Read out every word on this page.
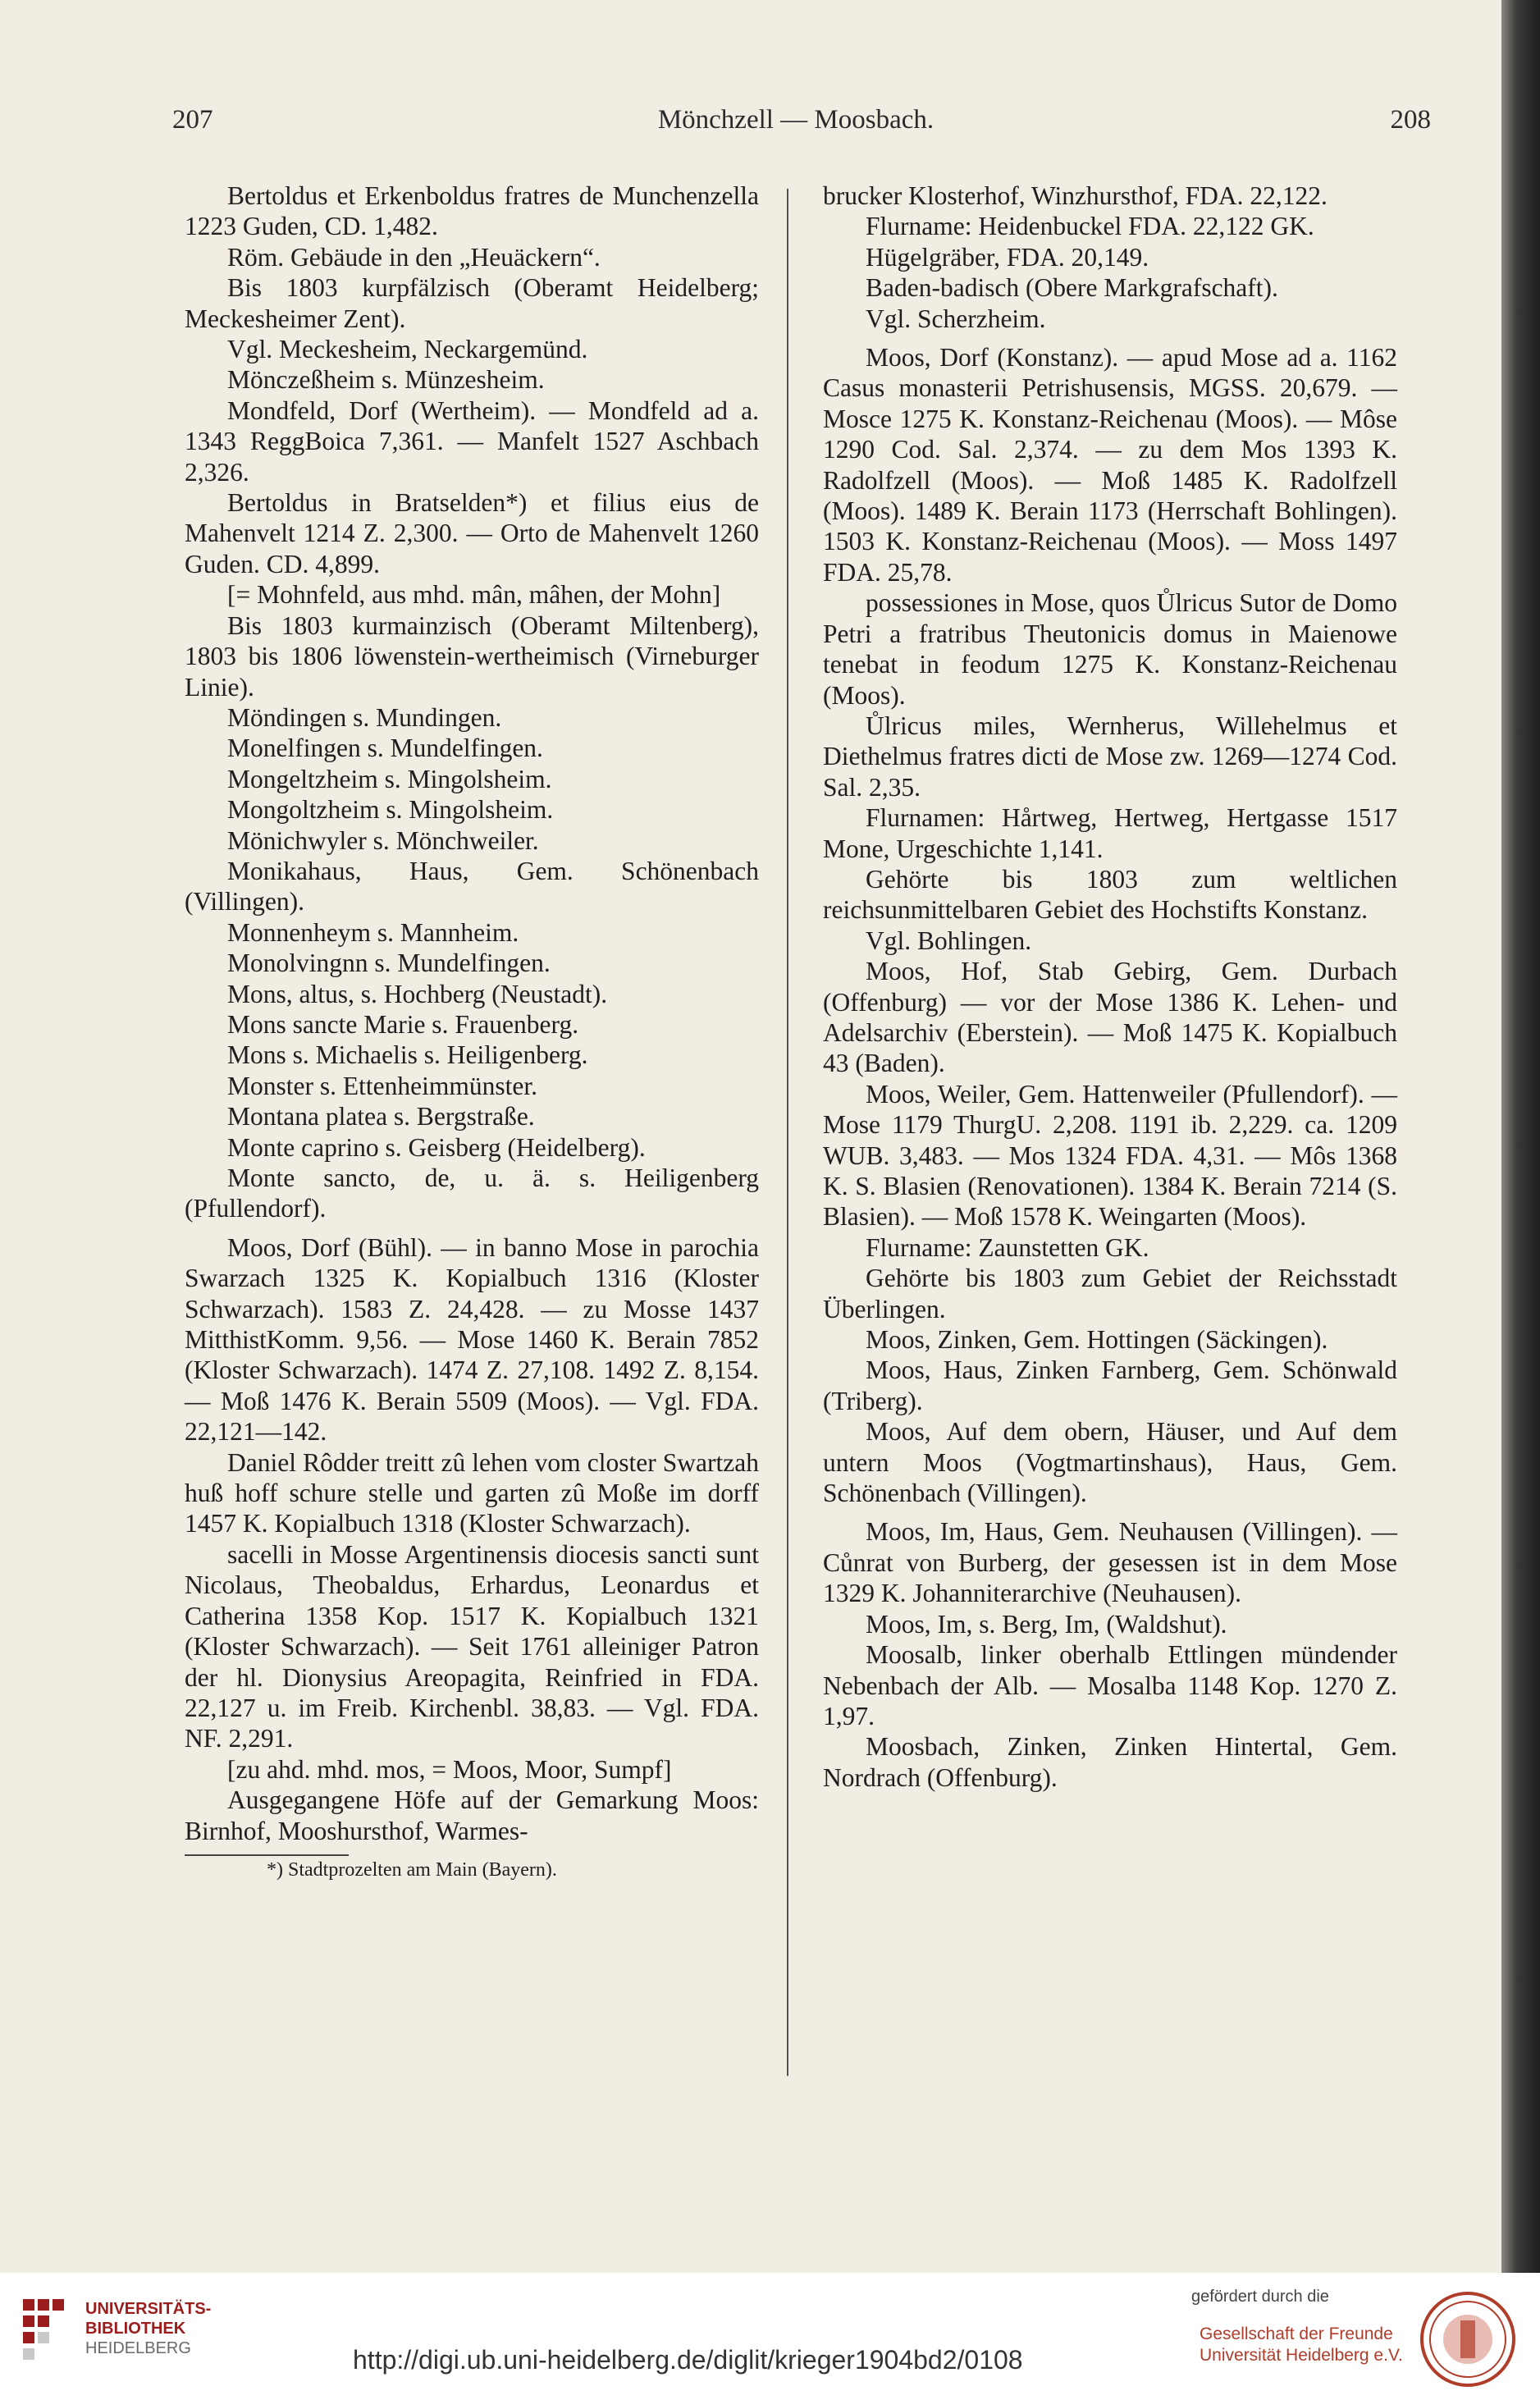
207	Mönchzell — Moosbach.	208

Bertoldus et Erkenboldus fratres de Munchenzella 1223 Guden, CD. 1,482.

Röm. Gebäude in den „Heuäckern“.

Bis 1803 kurpfälzisch (Oberamt Heidelberg; Meckesheimer Zent).

Vgl. Meckesheim, Neckargemünd.

Mönczeßheim s. Münzesheim.

Mondfeld, Dorf (Wertheim). — Mondfeld ad a. 1343 ReggBoica 7,361. — Manfelt 1527 Aschbach 2,326.

Bertoldus in Bratselden*) et filius eius de Mahenvelt 1214 Z. 2,300. — Orto de Mahenvelt 1260 Guden. CD. 4,899.

[= Mohnfeld, aus mhd. mân, mâhen, der Mohn]

Bis 1803 kurmainzisch (Oberamt Miltenberg), 1803 bis 1806 löwenstein-wertheimisch (Virneburger Linie).

Möndingen s. Mundingen.

Monelfingen s. Mundelfingen.

Mongeltzheim s. Mingolsheim.

Mongoltzheim s. Mingolsheim.

Mönichwyler s. Mönchweiler.

Monikahaus, Haus, Gem. Schönenbach (Villingen).

Monnenheym s. Mannheim.

Monolvingnn s. Mundelfingen.

Mons, altus, s. Hochberg (Neustadt).

Mons sancte Marie s. Frauenberg.

Mons s. Michaelis s. Heiligenberg.

Monster s. Ettenheimmünster.

Montana platea s. Bergstraße.

Monte caprino s. Geisberg (Heidelberg).

Monte sancto, de, u. ä. s. Heiligenberg (Pfullendorf).

Moos, Dorf (Bühl). — in banno Mose in parochia Swarzach 1325 K. Kopialbuch 1316 (Kloster Schwarzach). 1583 Z. 24,428. — zu Mosse 1437 MitthistKomm. 9,56. — Mose 1460 K. Berain 7852 (Kloster Schwarzach). 1474 Z. 27,108. 1492 Z. 8,154. — Moß 1476 K. Berain 5509 (Moos). — Vgl. FDA. 22,121—142.

Daniel Rôdder treitt zû lehen vom closter Swartzah huß hoff schure stelle und garten zû Moße im dorff 1457 K. Kopialbuch 1318 (Kloster Schwarzach).

sacelli in Mosse Argentinensis diocesis sancti sunt Nicolaus, Theobaldus, Erhardus, Leonardus et Catherina 1358 Kop. 1517 K. Kopialbuch 1321 (Kloster Schwarzach). — Seit 1761 alleiniger Patron der hl. Dionysius Areopagita, Reinfried in FDA. 22,127 u. im Freib. Kirchenbl. 38,83. — Vgl. FDA. NF. 2,291.

[zu ahd. mhd. mos, = Moos, Moor, Sumpf]

Ausgegangene Höfe auf der Gemarkung Moos: Birnhof, Mooshursthof, Warmes-

*) Stadtprozelten am Main (Bayern).

brucker Klosterhof, Winzhursthof, FDA. 22,122.

Flurname: Heidenbuckel FDA. 22,122 GK.

Hügelgräber, FDA. 20,149.

Baden-badisch (Obere Markgrafschaft).

Vgl. Scherzheim.

Moos, Dorf (Konstanz). — apud Mose ad a. 1162 Casus monasterii Petrishusensis, MGSS. 20,679. — Mosce 1275 K. Konstanz-Reichenau (Moos). — Môse 1290 Cod. Sal. 2,374. — zu dem Mos 1393 K. Radolfzell (Moos). — Moß 1485 K. Radolfzell (Moos). 1489 K. Berain 1173 (Herrschaft Bohlingen). 1503 K. Konstanz-Reichenau (Moos). — Moss 1497 FDA. 25,78.

possessiones in Mose, quos Ůlricus Sutor de Domo Petri a fratribus Theutonicis domus in Maienowe tenebat in feodum 1275 K. Konstanz-Reichenau (Moos).

Ůlricus miles, Wernherus, Willehelmus et Diethelmus fratres dicti de Mose zw. 1269—1274 Cod. Sal. 2,35.

Flurnamen: Hårtweg, Hertweg, Hertgasse 1517 Mone, Urgeschichte 1,141.

Gehörte bis 1803 zum weltlichen reichsunmittelbaren Gebiet des Hochstifts Konstanz.

Vgl. Bohlingen.

Moos, Hof, Stab Gebirg, Gem. Durbach (Offenburg) — vor der Mose 1386 K. Lehen- und Adelsarchiv (Eberstein). — Moß 1475 K. Kopialbuch 43 (Baden).

Moos, Weiler, Gem. Hattenweiler (Pfullendorf). — Mose 1179 ThurgU. 2,208. 1191 ib. 2,229. ca. 1209 WUB. 3,483. — Mos 1324 FDA. 4,31. — Môs 1368 K. S. Blasien (Renovationen). 1384 K. Berain 7214 (S. Blasien). — Moß 1578 K. Weingarten (Moos).

Flurname: Zaunstetten GK.

Gehörte bis 1803 zum Gebiet der Reichsstadt Überlingen.

Moos, Zinken, Gem. Hottingen (Säckingen).

Moos, Haus, Zinken Farnberg, Gem. Schönwald (Triberg).

Moos, Auf dem obern, Häuser, und Auf dem untern Moos (Vogtmartinshaus), Haus, Gem. Schönenbach (Villingen).

Moos, Im, Haus, Gem. Neuhausen (Villingen). — Cůnrat von Burberg, der gesessen ist in dem Mose 1329 K. Johanniterarchive (Neuhausen).

Moos, Im, s. Berg, Im, (Waldshut).

Moosalb, linker oberhalb Ettlingen mündender Nebenbach der Alb. — Mosalba 1148 Kop. 1270 Z. 1,97.

Moosbach, Zinken, Zinken Hintertal, Gem. Nordrach (Offenburg).

UNIVERSITÄTS-
BIBLIOTHEK
HEIDELBERG	http://digi.ub.uni-heidelberg.de/diglit/krieger1904bd2/0108
gefördert durch die
Gesellschaft der Freunde
Universität Heidelberg e.V.
